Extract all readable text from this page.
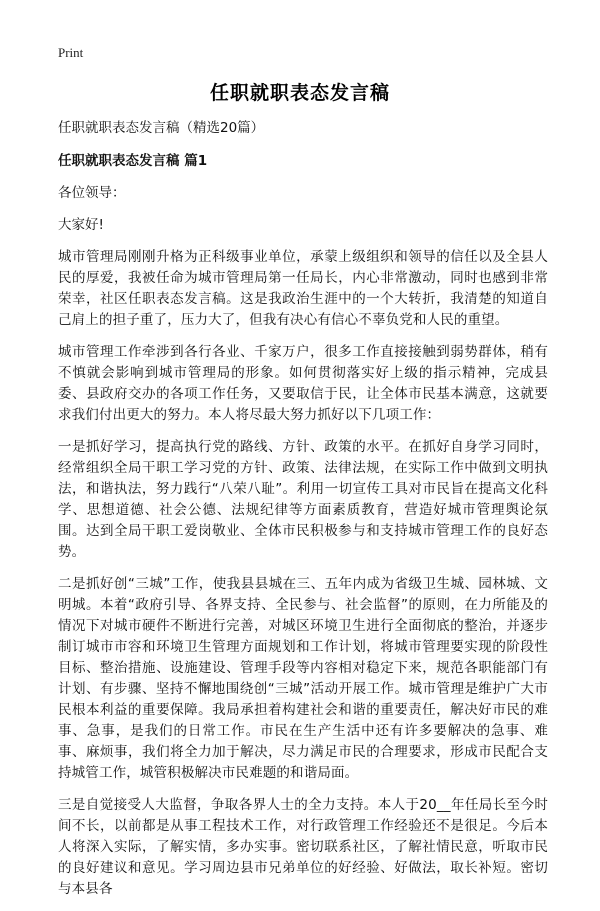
Print
任职就职表态发言稿

任职就职表态发言稿（精选20篇）

任职就职表态发言稿 篇1

各位领导：

大家好!

城市管理局刚刚升格为正科级事业单位，承蒙上级组织和领导的信任以及全县人民的厚爱，我被任命为城市管理局第一任局长，内心非常激动，同时也感到非常荣幸，社区任职表态发言稿。这是我政治生涯中的一个大转折，我清楚的知道自己肩上的担子重了，压力大了，但我有决心有信心不辜负党和人民的重望。

城市管理工作牵涉到各行各业、千家万户，很多工作直接接触到弱势群体，稍有不慎就会影响到城市管理局的形象。如何贯彻落实好上级的指示精神，完成县委、县政府交办的各项工作任务，又要取信于民，让全体市民基本满意，这就要求我们付出更大的努力。本人将尽最大努力抓好以下几项工作：

一是抓好学习，提高执行党的路线、方针、政策的水平。在抓好自身学习同时，经常组织全局干职工学习党的方针、政策、法律法规，在实际工作中做到文明执法，和谐执法，努力践行“八荣八耻”。利用一切宣传工具对市民旨在提高文化科学、思想道德、社会公德、法规纪律等方面素质教育，营造好城市管理舆论氛围。达到全局干职工爱岗敬业、全体市民积极参与和支持城市管理工作的良好态势。

二是抓好创“三城”工作，使我县县城在三、五年内成为省级卫生城、园林城、文明城。本着“政府引导、各界支持、全民参与、社会监督”的原则，在力所能及的情况下对城市硬件不断进行完善，对城区环境卫生进行全面彻底的整治，并逐步制订城市市容和环境卫生管理方面规划和工作计划，将城市管理要实现的阶段性目标、整治措施、设施建设、管理手段等内容相对稳定下来，规范各职能部门有计划、有步骤、坚持不懈地围绕创“三城”活动开展工作。城市管理是维护广大市民根本利益的重要保障。我局承担着构建社会和谐的重要责任，解决好市民的难事、急事，是我们的日常工作。市民在生产生活中还有许多要解决的急事、难事、麻烦事，我们将全力加于解决，尽力满足市民的合理要求，形成市民配合支持城管工作，城管积极解决市民难题的和谐局面。

三是自觉接受人大监督，争取各界人士的全力支持。本人于20__年任局长至今时间不长，以前都是从事工程技术工作，对行政管理工作经验还不是很足。今后本人将深入实际，了解实情，多办实事。密切联系社区，了解社情民意，听取市民的良好建议和意见。学习周边县市兄弟单位的好经验、好做法，取长补短。密切与本县各
